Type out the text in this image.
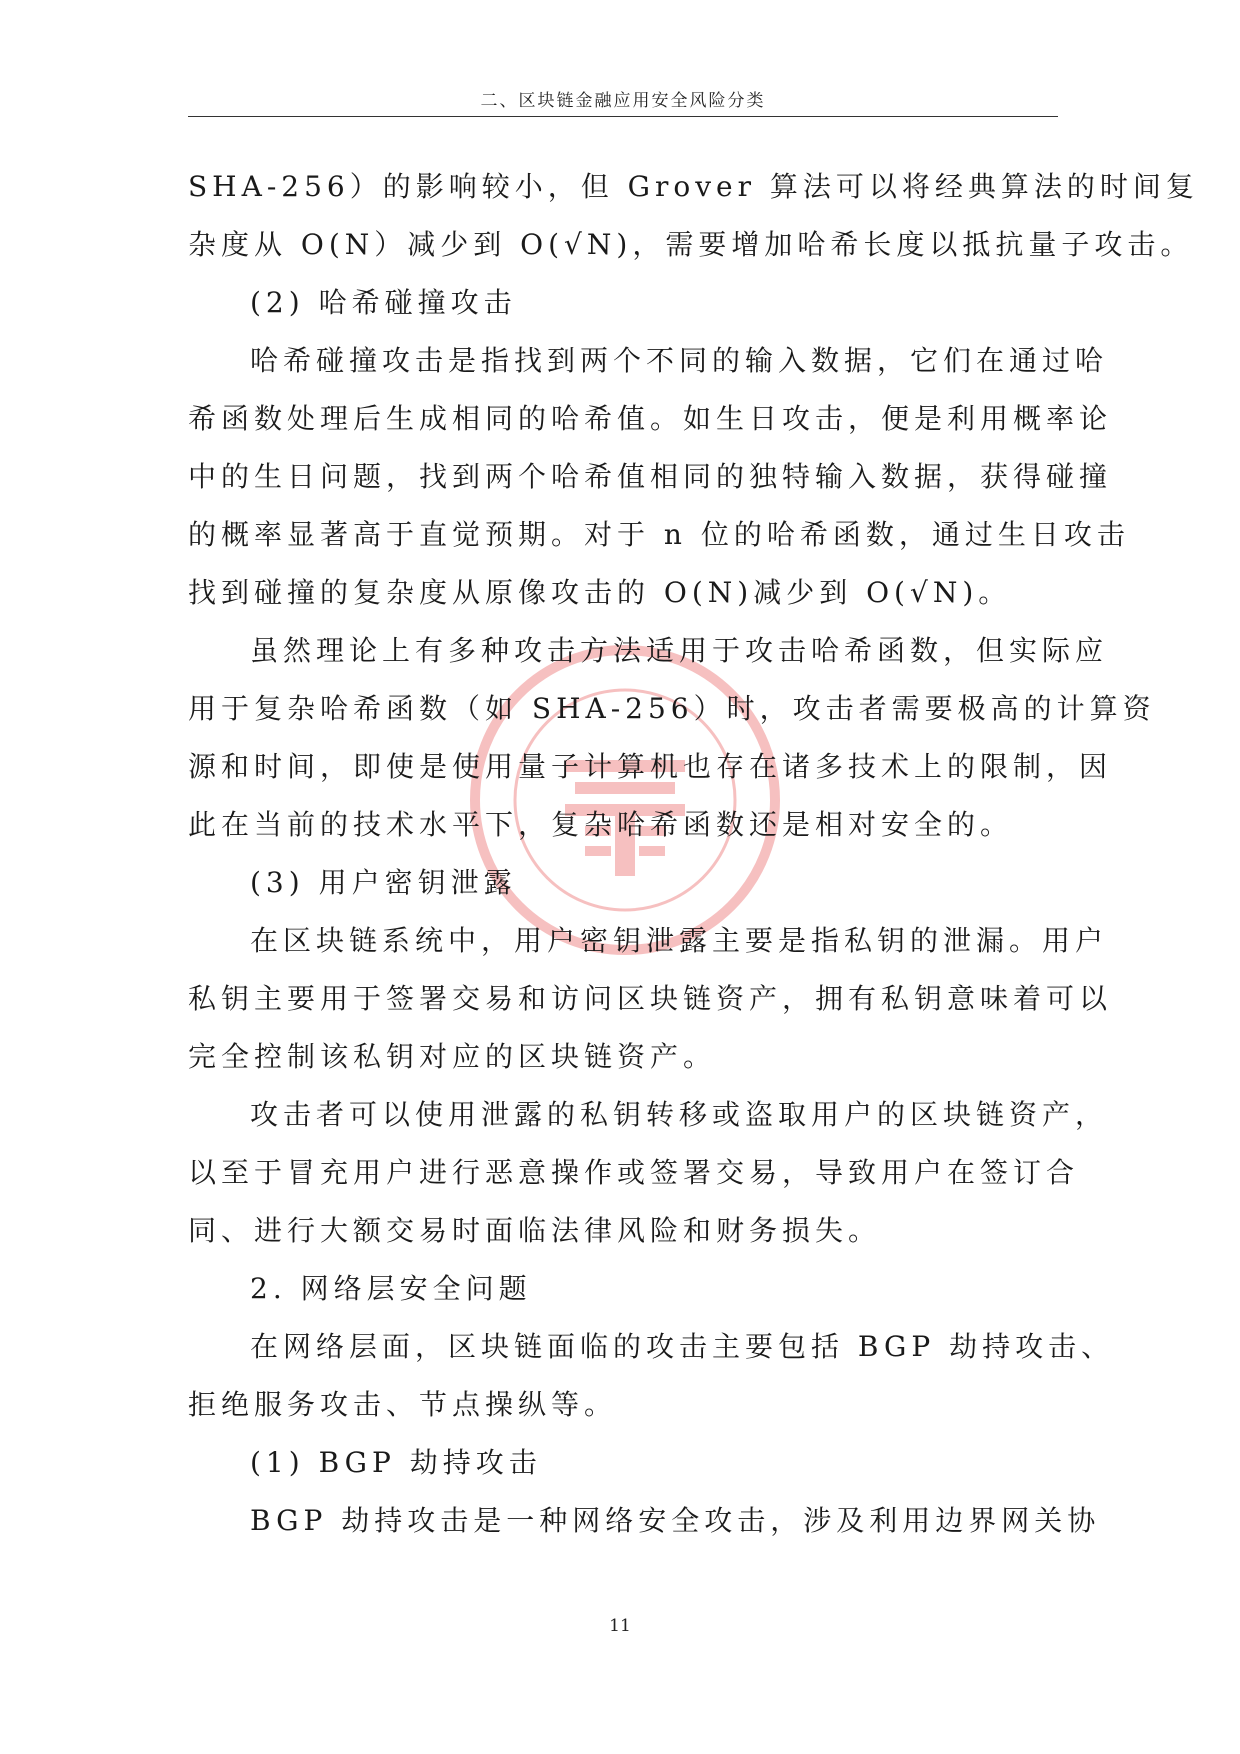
二、区块链金融应用安全风险分类
SHA-256）的影响较小，但 Grover 算法可以将经典算法的时间复
杂度从 O(N）减少到 O(√N)，需要增加哈希长度以抵抗量子攻击。
(2) 哈希碰撞攻击
哈希碰撞攻击是指找到两个不同的输入数据，它们在通过哈
希函数处理后生成相同的哈希值。如生日攻击，便是利用概率论
中的生日问题，找到两个哈希值相同的独特输入数据，获得碰撞
的概率显著高于直觉预期。对于 n 位的哈希函数，通过生日攻击
找到碰撞的复杂度从原像攻击的 O(N)减少到 O(√N)。
虽然理论上有多种攻击方法适用于攻击哈希函数，但实际应
用于复杂哈希函数（如 SHA-256）时，攻击者需要极高的计算资
源和时间，即使是使用量子计算机也存在诸多技术上的限制，因
此在当前的技术水平下，复杂哈希函数还是相对安全的。
(3) 用户密钥泄露
在区块链系统中，用户密钥泄露主要是指私钥的泄漏。用户
私钥主要用于签署交易和访问区块链资产，拥有私钥意味着可以
完全控制该私钥对应的区块链资产。
攻击者可以使用泄露的私钥转移或盗取用户的区块链资产，
以至于冒充用户进行恶意操作或签署交易，导致用户在签订合
同、进行大额交易时面临法律风险和财务损失。
2. 网络层安全问题
在网络层面，区块链面临的攻击主要包括 BGP 劫持攻击、
拒绝服务攻击、节点操纵等。
(1) BGP 劫持攻击
BGP 劫持攻击是一种网络安全攻击，涉及利用边界网关协
11
